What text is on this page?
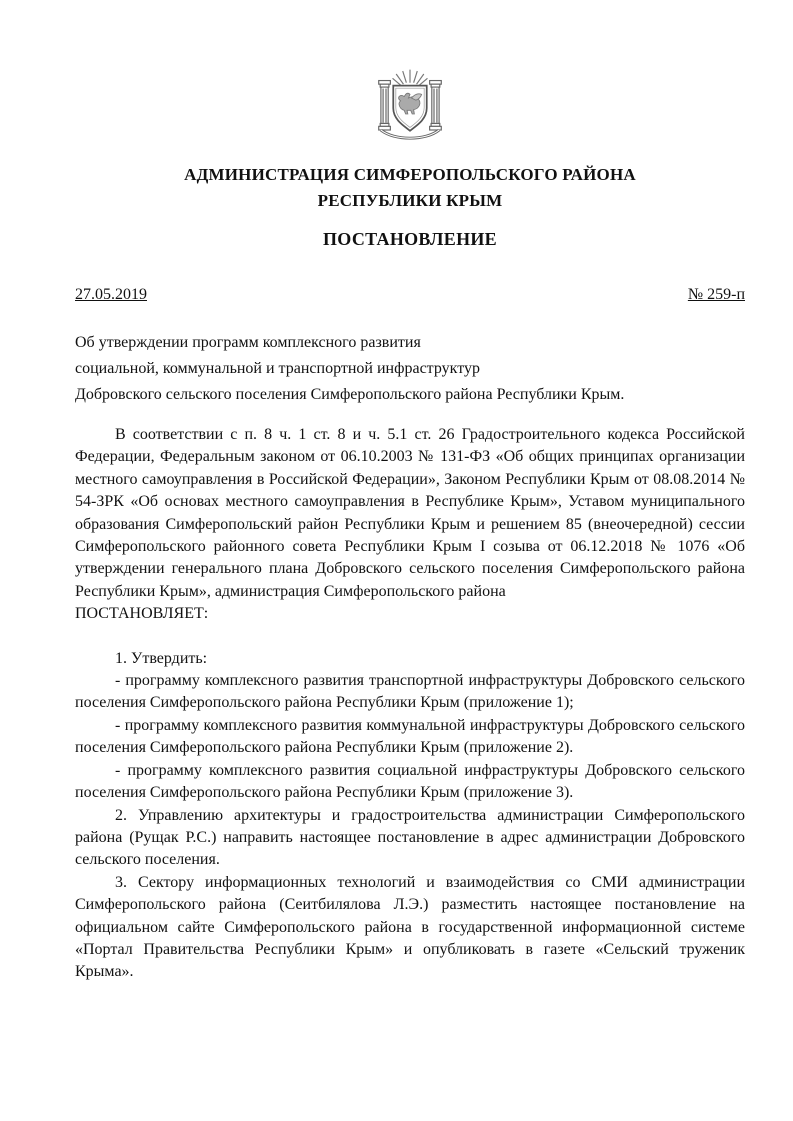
АДМИНИСТРАЦИЯ СИМФЕРОПОЛЬСКОГО РАЙОНА
РЕСПУБЛИКИ КРЫМ
ПОСТАНОВЛЕНИЕ
27.05.2019	№ 259-п
Об утверждении программ комплексного развития
социальной, коммунальной и транспортной инфраструктур
Добровского сельского поселения Симферопольского района Республики Крым.

В соответствии с п. 8 ч. 1 ст. 8 и ч. 5.1 ст. 26 Градостроительного кодекса Российской Федерации, Федеральным законом от 06.10.2003 № 131-ФЗ «Об общих принципах организации местного самоуправления в Российской Федерации», Законом Республики Крым от 08.08.2014 № 54-ЗРК «Об основах местного самоуправления в Республике Крым», Уставом муниципального образования Симферопольский район Республики Крым и решением 85 (внеочередной) сессии Симферопольского районного совета Республики Крым I созыва от 06.12.2018 № 1076 «Об утверждении генерального плана Добровского сельского поселения Симферопольского района Республики Крым», администрация Симферопольского района

ПОСТАНОВЛЯЕТ:

1. Утвердить:

- программу комплексного развития транспортной инфраструктуры Добровского сельского поселения Симферопольского района Республики Крым (приложение 1);

- программу комплексного развития коммунальной инфраструктуры Добровского сельского поселения Симферопольского района Республики Крым (приложение 2).

- программу комплексного развития социальной инфраструктуры Добровского сельского поселения Симферопольского района Республики Крым (приложение 3).

2. Управлению архитектуры и градостроительства администрации Симферопольского района (Рущак Р.С.) направить настоящее постановление в адрес администрации Добровского сельского поселения.

3. Сектору информационных технологий и взаимодействия со СМИ администрации Симферопольского района (Сеитбилялова Л.Э.) разместить настоящее постановление на официальном сайте Симферопольского района в государственной информационной системе «Портал Правительства Республики Крым» и опубликовать в газете «Сельский труженик Крыма».
